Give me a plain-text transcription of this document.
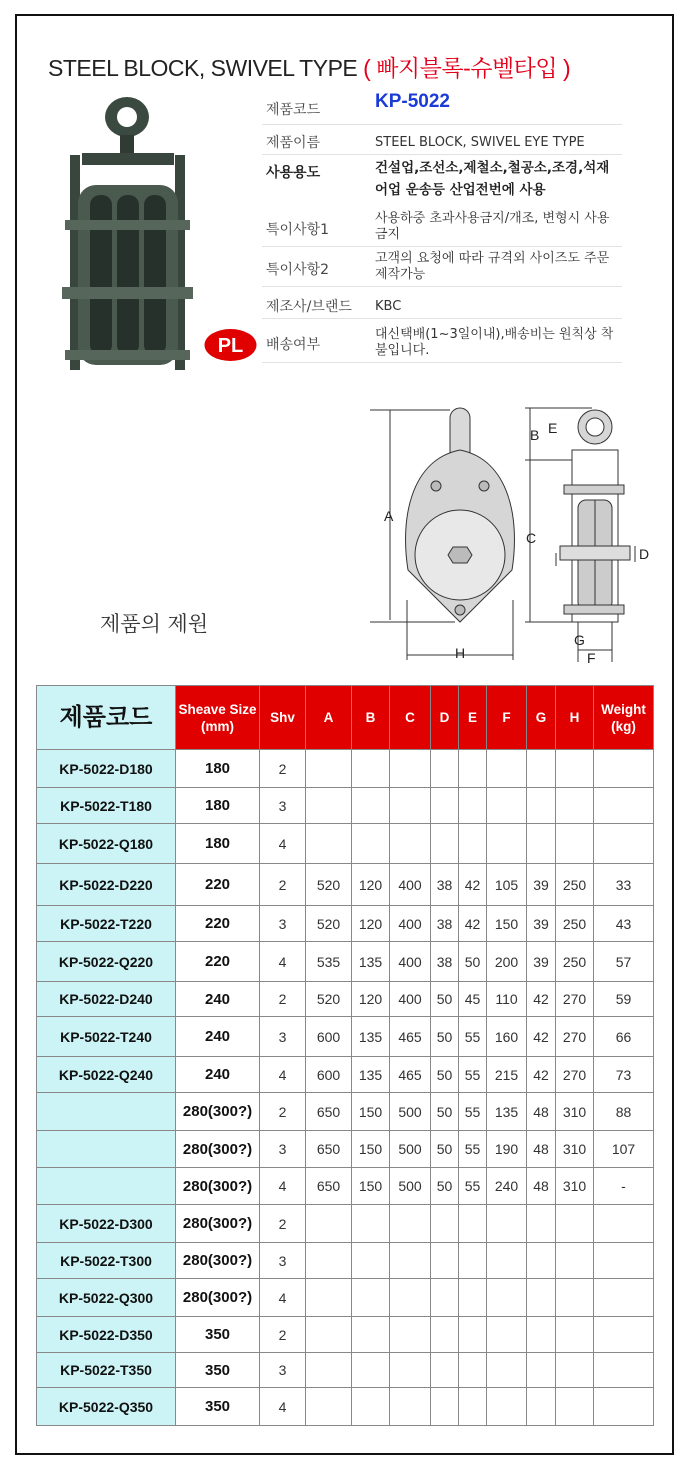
STEEL BLOCK, SWIVEL TYPE ( 빠지블록-슈벨타입 )
PL
제품코드	KP-5022
제품이름	STEEL BLOCK, SWIVEL EYE TYPE
사용용도	건설업,조선소,제철소,철공소,조경,석재 어업 운송등 산업전번에 사용
특이사항1
사용하중 초과사용금지/개조, 변형시 사용금지
특이사항2
고객의 요청에 따라 규격외 사이즈도 주문제작가능
제조사/브랜드 KBC
배송여부
대신택배(1~3일이내),배송비는 원칙상 착불입니다.
제품의 제원
A
H
B E
C
D
G
F
제품코드	Sheave Size (mm)	Shv	A	B	C	D	E	F	G	H	Weight (kg)
KP-5022-D180	180	2									
KP-5022-T180	180	3									
KP-5022-Q180	180	4									
KP-5022-D220	220	2	520	120	400	38	42	105	39	250	33
KP-5022-T220	220	3	520	120	400	38	42	150	39	250	43
KP-5022-Q220	220	4	535	135	400	38	50	200	39	250	57
KP-5022-D240	240	2	520	120	400	50	45	110	42	270	59
KP-5022-T240	240	3	600	135	465	50	55	160	42	270	66
KP-5022-Q240	240	4	600	135	465	50	55	215	42	270	73
	280(300?)	2	650	150	500	50	55	135	48	310	88
	280(300?)	3	650	150	500	50	55	190	48	310	107
	280(300?)	4	650	150	500	50	55	240	48	310	-
KP-5022-D300	280(300?)	2									
KP-5022-T300	280(300?)	3									
KP-5022-Q300	280(300?)	4									
KP-5022-D350	350	2									
KP-5022-T350	350	3									
KP-5022-Q350	350	4									
